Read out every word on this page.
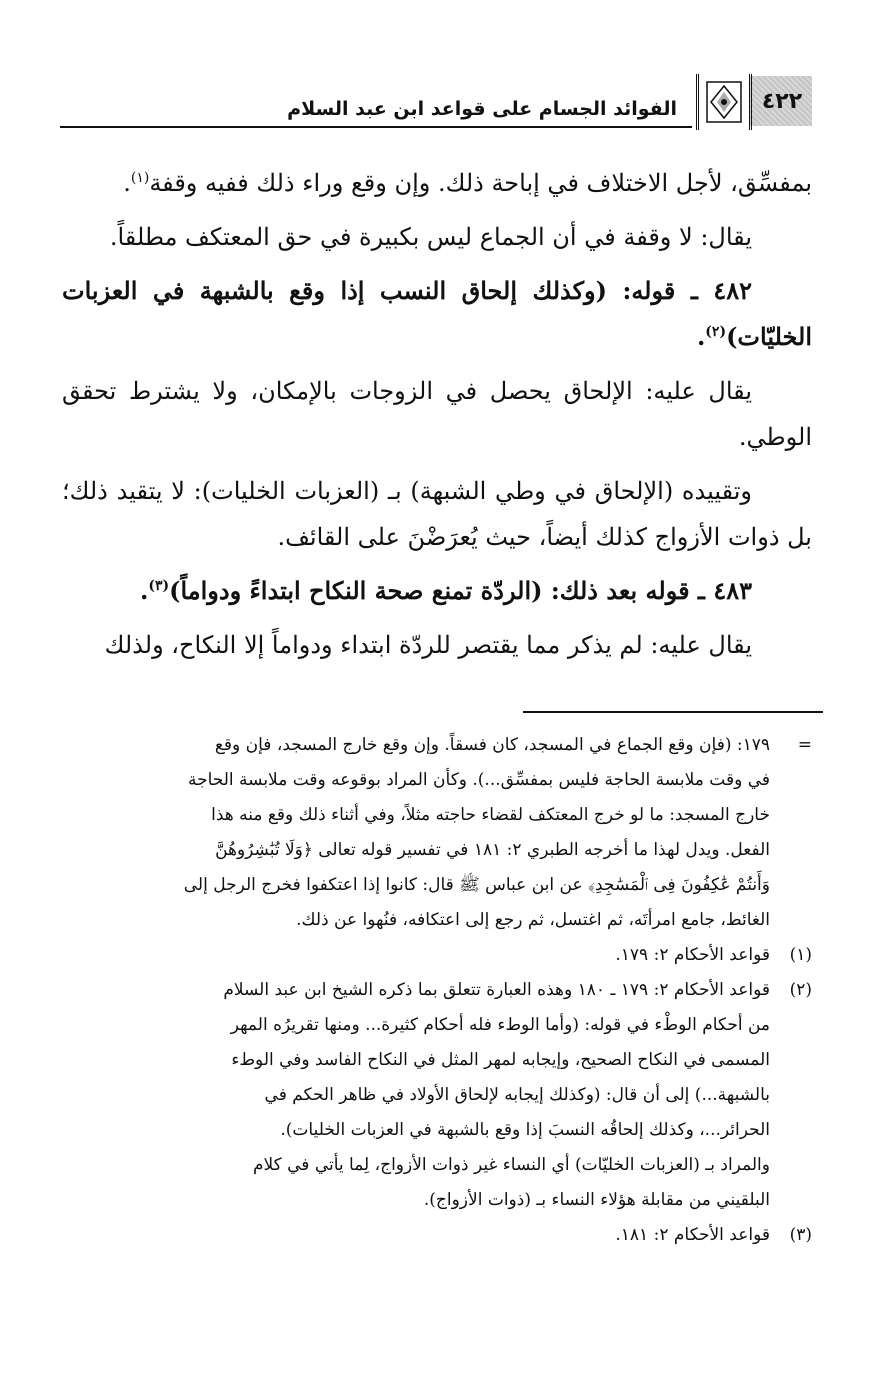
٤٢٢
الفوائد الجسام على قواعد ابن عبد السلام

بمفسِّق، لأجل الاختلاف في إباحة ذلك. وإن وقع وراء ذلك ففيه وقفة$^{(١)}$.

يقال: لا وقفة في أن الجماع ليس بكبيرة في حق المعتكف مطلقاً.

٤٨٢ ـ قوله: (وكذلك إلحاق النسب إذا وقع بالشبهة في العزبات الخليّات)$^{(٢)}$.

يقال عليه: الإلحاق يحصل في الزوجات بالإمكان، ولا يشترط تحقق الوطي.

وتقييده (الإلحاق في وطي الشبهة) بـ (العزبات الخليات): لا يتقيد ذلك؛ بل ذوات الأزواج كذلك أيضاً، حيث يُعرَضْنَ على القائف.

٤٨٣ ـ قوله بعد ذلك: (الردّة تمنع صحة النكاح ابتداءً ودواماً)$^{(٣)}$.

يقال عليه: لم يذكر مما يقتصر للردّة ابتداء ودواماً إلا النكاح، ولذلك

=
١٧٩: (فإن وقع الجماع في المسجد، كان فسقاً. وإن وقع خارج المسجد، فإن وقع
في وقت ملابسة الحاجة فليس بمفسِّق...). وكأن المراد بوقوعه وقت ملابسة الحاجة
خارج المسجد: ما لو خرج المعتكف لقضاء حاجته مثلاً، وفي أثناء ذلك وقع منه هذا
الفعل. ويدل لهذا ما أخرجه الطبري ٢: ١٨١ في تفسير قوله تعالى ﴿وَلَا تُبَٰشِرُوهُنَّ
وَأَنتُمْ عَٰكِفُونَ فِى ٱلْمَسَٰجِدِ﴾ عن ابن عباس ﷺ قال: كانوا إذا اعتكفوا فخرج الرجل إلى
الغائط، جامع امرأتَه، ثم اغتسل، ثم رجع إلى اعتكافه، فنُهوا عن ذلك.
(١)
قواعد الأحكام ٢: ١٧٩.
(٢)
قواعد الأحكام ٢: ١٧٩ ـ ١٨٠ وهذه العبارة تتعلق بما ذكره الشيخ ابن عبد السلام
من أحكام الوطْء في قوله: (وأما الوطء فله أحكام كثيرة... ومنها تقريرُه المهر
المسمى في النكاح الصحيح، وإيجابه لمهر المثل في النكاح الفاسد وفي الوطء
بالشبهة...) إلى أن قال: (وكذلك إيجابه لإلحاق الأولاد في ظاهر الحكم في
الحرائر...، وكذلك إلحاقُه النسبَ إذا وقع بالشبهة في العزبات الخليات).
والمراد بـ (العزبات الخليّات) أي النساء غير ذوات الأزواج، لِما يأتي في كلام
البلقيني من مقابلة هؤلاء النساء بـ (ذوات الأزواج).
(٣)
قواعد الأحكام ٢: ١٨١.
